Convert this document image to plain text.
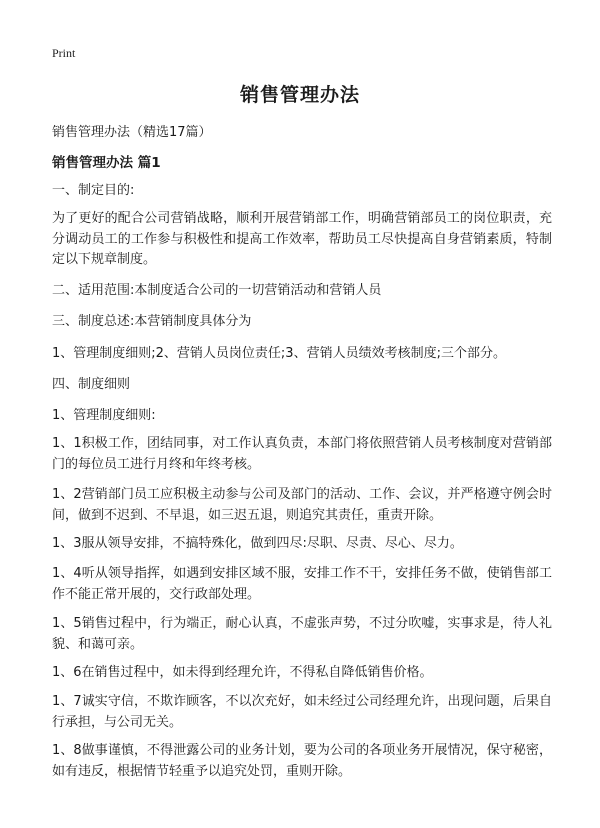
Print
销售管理办法
销售管理办法（精选17篇）
销售管理办法 篇1
一、制定目的:
为了更好的配合公司营销战略，顺利开展营销部工作，明确营销部员工的岗位职责，充分调动员工的工作参与积极性和提高工作效率，帮助员工尽快提高自身营销素质，特制定以下规章制度。
二、适用范围:本制度适合公司的一切营销活动和营销人员
三、制度总述:本营销制度具体分为
1、管理制度细则;2、营销人员岗位责任;3、营销人员绩效考核制度;三个部分。
四、制度细则
1、管理制度细则:
1、1积极工作，团结同事，对工作认真负责，本部门将依照营销人员考核制度对营销部门的每位员工进行月终和年终考核。
1、2营销部门员工应积极主动参与公司及部门的活动、工作、会议，并严格遵守例会时间，做到不迟到、不早退，如三迟五退，则追究其责任，重责开除。
1、3服从领导安排，不搞特殊化，做到四尽:尽职、尽责、尽心、尽力。
1、4听从领导指挥，如遇到安排区域不服，安排工作不干，安排任务不做，使销售部工作不能正常开展的，交行政部处理。
1、5销售过程中，行为端正，耐心认真，不虚张声势，不过分吹嘘，实事求是，待人礼貌、和蔼可亲。
1、6在销售过程中，如未得到经理允许，不得私自降低销售价格。
1、7诚实守信，不欺诈顾客，不以次充好，如未经过公司经理允许，出现问题，后果自行承担，与公司无关。
1、8做事谨慎，不得泄露公司的业务计划，要为公司的各项业务开展情况，保守秘密，如有违反，根据情节轻重予以追究处罚，重则开除。
